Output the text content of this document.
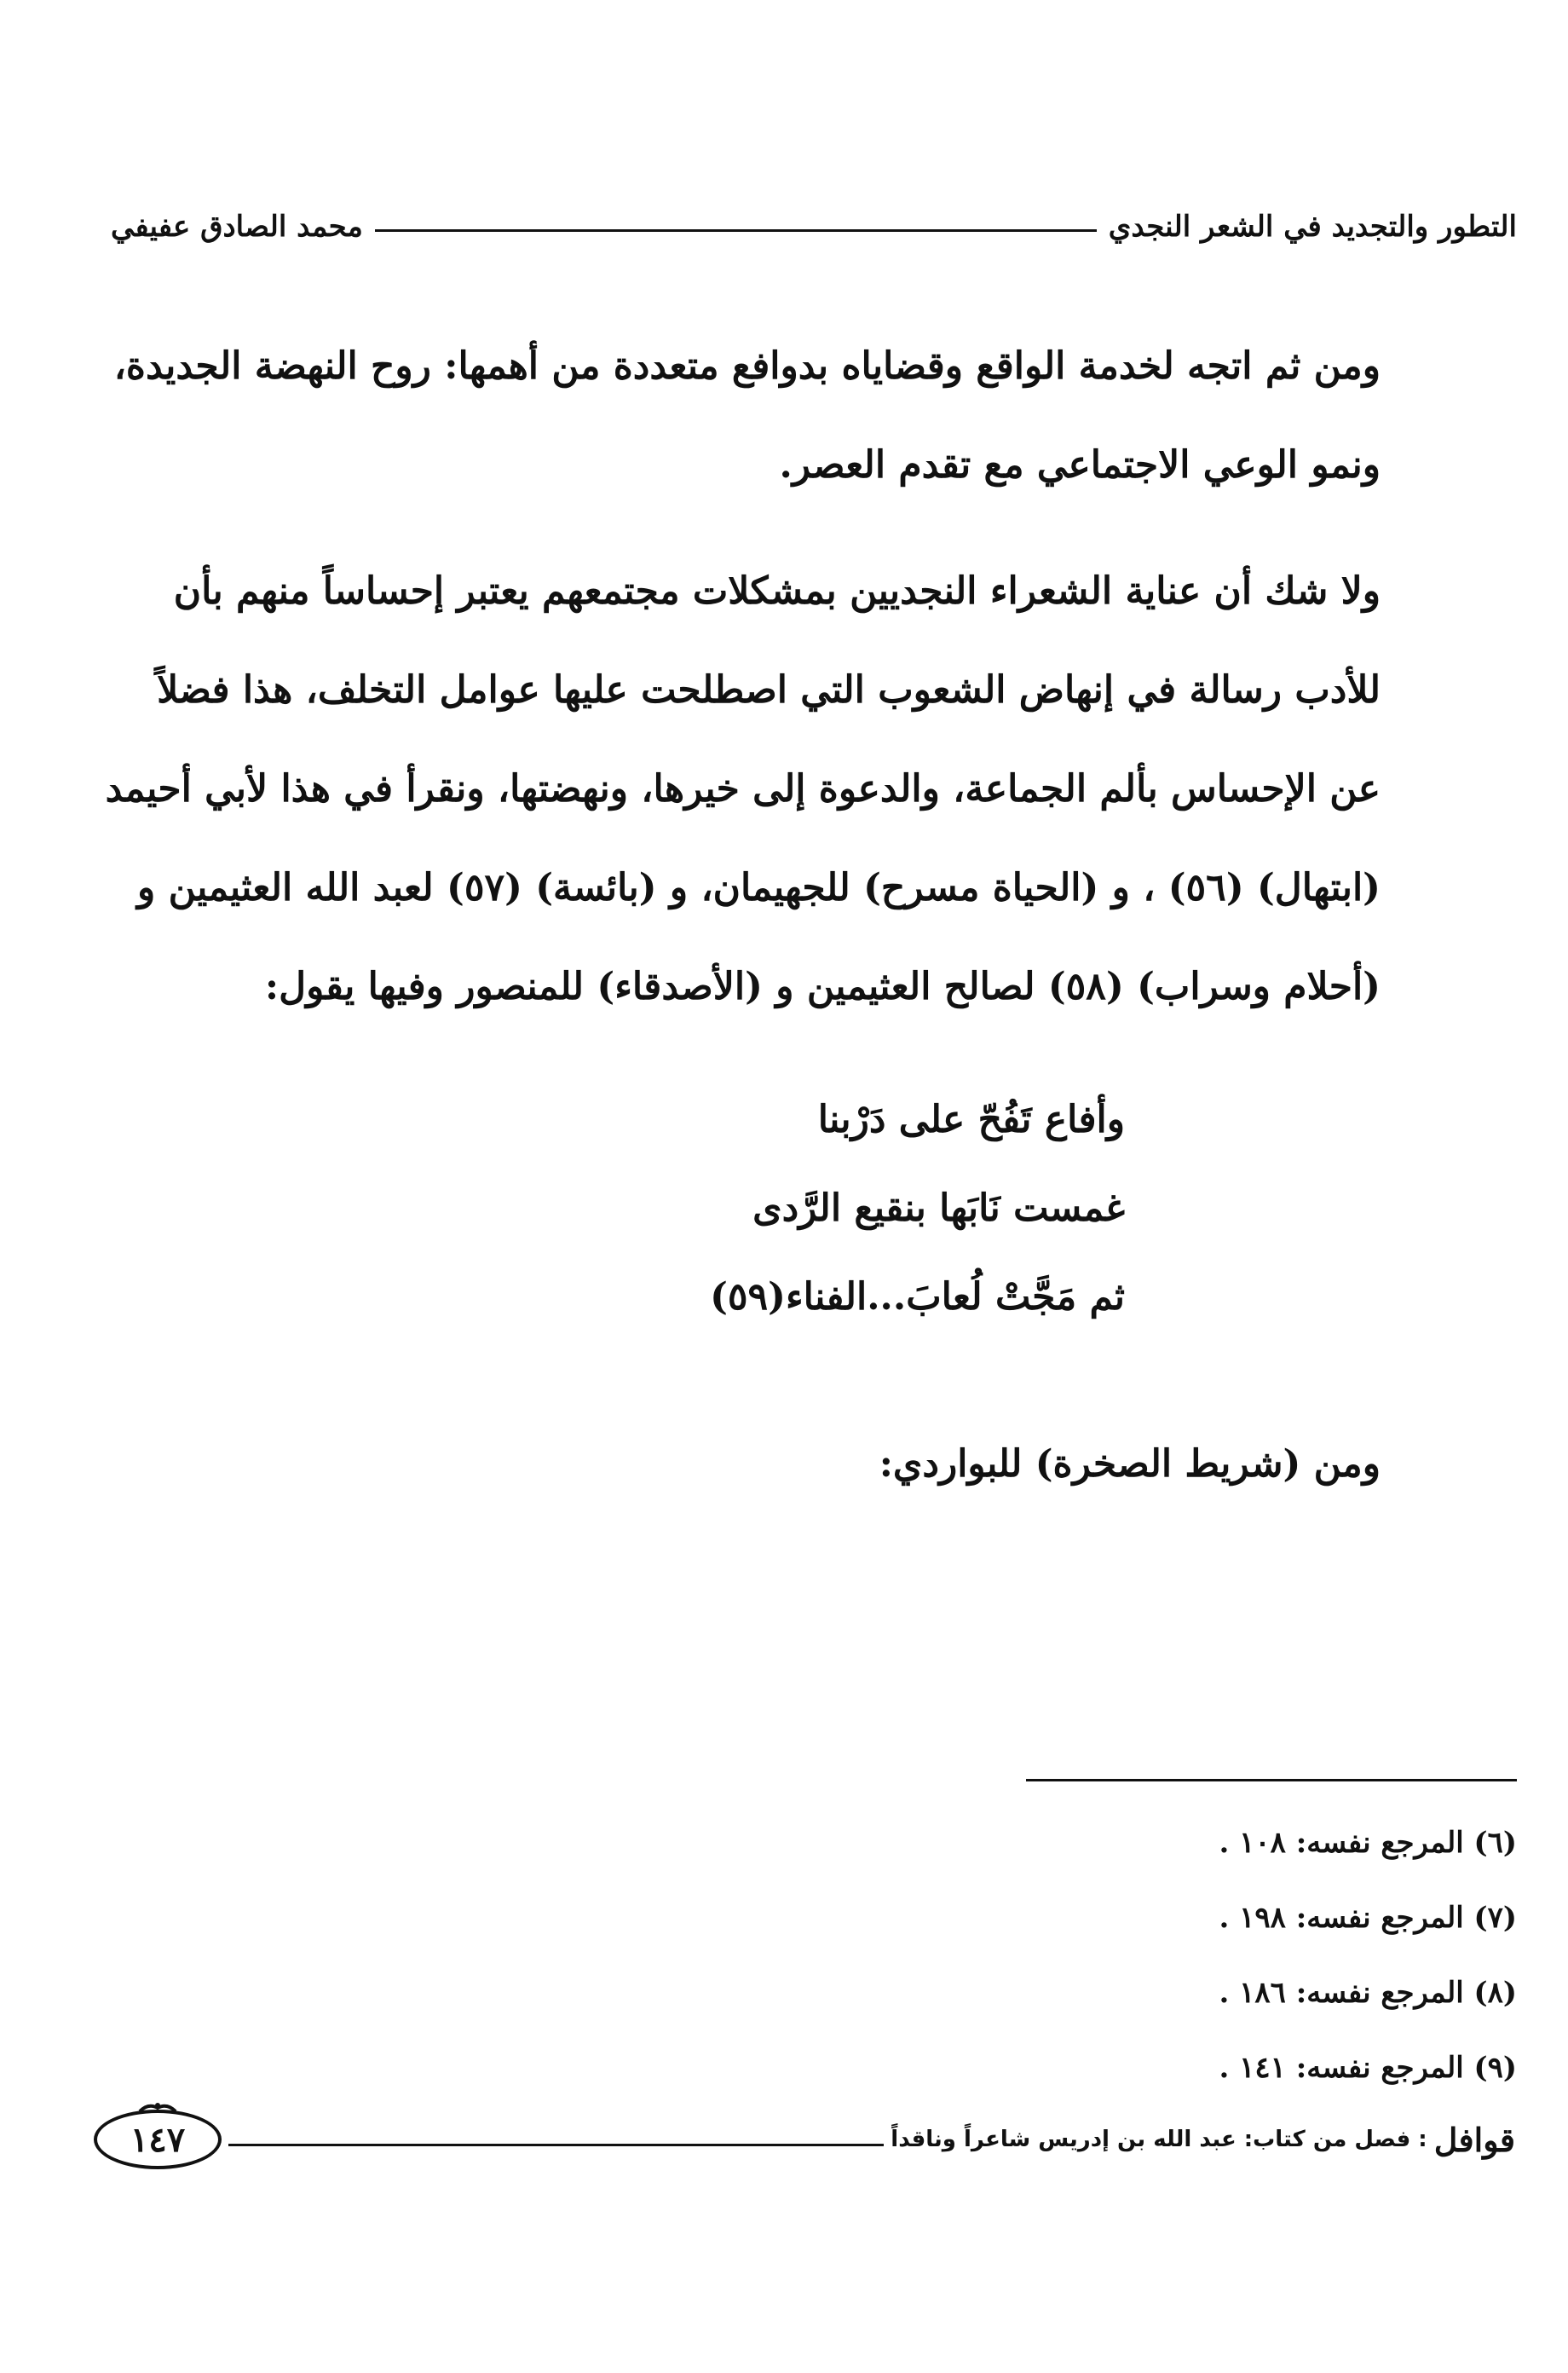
التطور والتجديد في الشعر النجدي
محمد الصادق عفيفي
ومن ثم اتجه لخدمة الواقع وقضاياه بدوافع متعددة من أهمها: روح النهضة الجديدة،
ونمو الوعي الاجتماعي مع تقدم العصر.
ولا شك أن عناية الشعراء النجديين بمشكلات مجتمعهم يعتبر إحساساً منهم بأن
للأدب رسالة في إنهاض الشعوب التي اصطلحت عليها عوامل التخلف، هذا فضلاً
عن الإحساس بألم الجماعة، والدعوة إلى خيرها، ونهضتها، ونقرأ في هذا لأبي أحيمد
(ابتهال) (٥٦) ، و (الحياة مسرح) للجهيمان، و (بائسة) (٥٧) لعبد الله العثيمين و
(أحلام وسراب) (٥٨) لصالح العثيمين و (الأصدقاء) للمنصور وفيها يقول:
وأفاع تَفُحّ على دَرْبنا
غمست نَابَها بنقيع الرَّدى
ثم مَجَّتْ لُعابَ...الفناء(٥٩)
ومن (شريط الصخرة) للبواردي:
(٦) المرجع نفسه: ١٠٨ .
(٧) المرجع نفسه: ١٩٨ .
(٨) المرجع نفسه: ١٨٦ .
(٩) المرجع نفسه: ١٤١ .
قوافل
: فصل من كتاب: عبد الله بن إدريس شاعراً وناقداً
١٤٧
